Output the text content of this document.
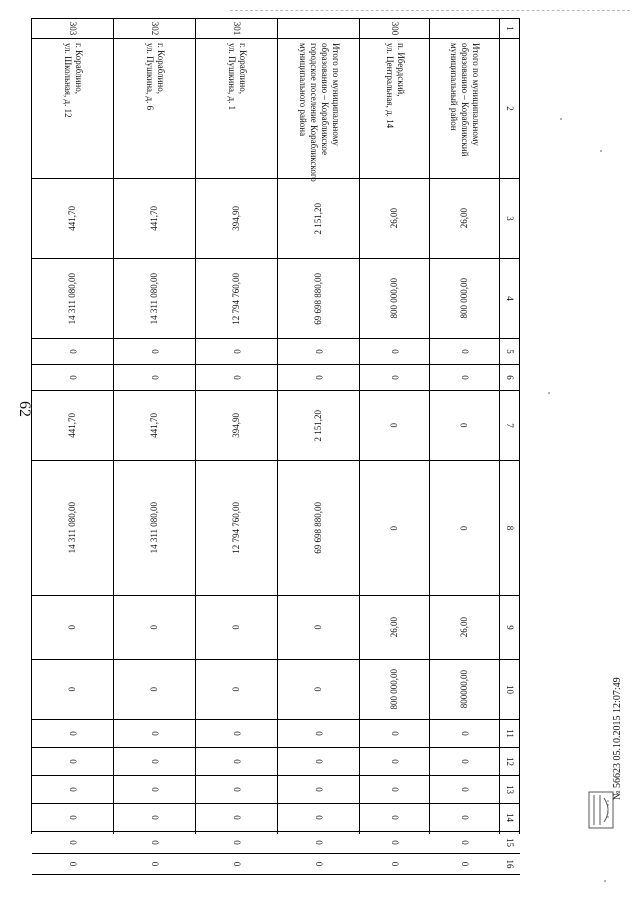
62
1
2
3
4
5
6
7
8
9
10
11
12
13
14
15
16
Итого по муниципальному
образованию – Корабликский
муниципальный район
26,00
800 000,00
0
0
0
0
26,00
800000,00
0
0
0
0
0
0
300
п. Ибердский,
ул. Центральная, д. 14
26,00
800 000,00
0
0
0
0
26,00
800 000,00
0
0
0
0
0
0
Итого по муниципальному
образованию – Корабликское
городское поселение Корабликского
муниципального района
2 151,20
69 698 880,00
0
0
2 151,20
69 698 880,00
0
0
0
0
0
0
0
0
301
г. Кораблино,
ул. Пушкина, д. 1
394,90
12 794 760,00
0
0
394,90
12 794 760,00
0
0
0
0
0
0
0
0
302
г. Кораблино,
ул. Пушкина, д. 6
441,70
14 311 080,00
0
0
441,70
14 311 080,00
0
0
0
0
0
0
0
0
303
г. Кораблино,
ул. Школьная, д. 12
441,70
14 311 080,00
0
0
441,70
14 311 080,00
0
0
0
0
0
0
0
0
№ 56623 05.10.2015 12:07:49
